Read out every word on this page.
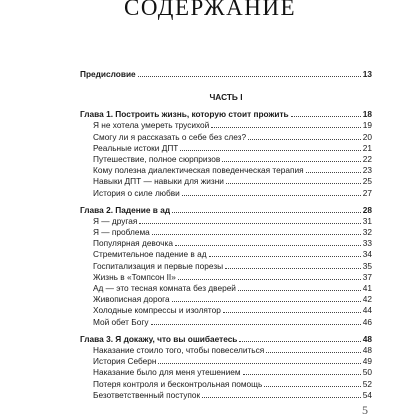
СОДЕРЖАНИЕ
Предисловие	13
ЧАСТЬ I
Глава 1. Построить жизнь, которую стоит прожить	18
Я не хотела умереть трусихой	19
Смогу ли я рассказать о себе без слез?	20
Реальные истоки ДПТ	21
Путешествие, полное сюрпризов	22
Кому полезна диалектическая поведенческая терапия	23
Навыки ДПТ — навыки для жизни	25
История о силе любви	27
Глава 2. Падение в ад	28
Я — другая	31
Я — проблема	32
Популярная девочка	33
Стремительное падение в ад	34
Госпитализация и первые порезы	35
Жизнь в «Томпсон II»	37
Ад — это тесная комната без дверей	41
Живописная дорога	42
Холодные компрессы и изолятор	44
Мой обет Богу	46
Глава 3. Я докажу, что вы ошибаетесь	48
Наказание стоило того, чтобы повеселиться	48
История Себерн	49
Наказание было для меня утешением	50
Потеря контроля и бесконтрольная помощь	52
Безответственный поступок	54
5
